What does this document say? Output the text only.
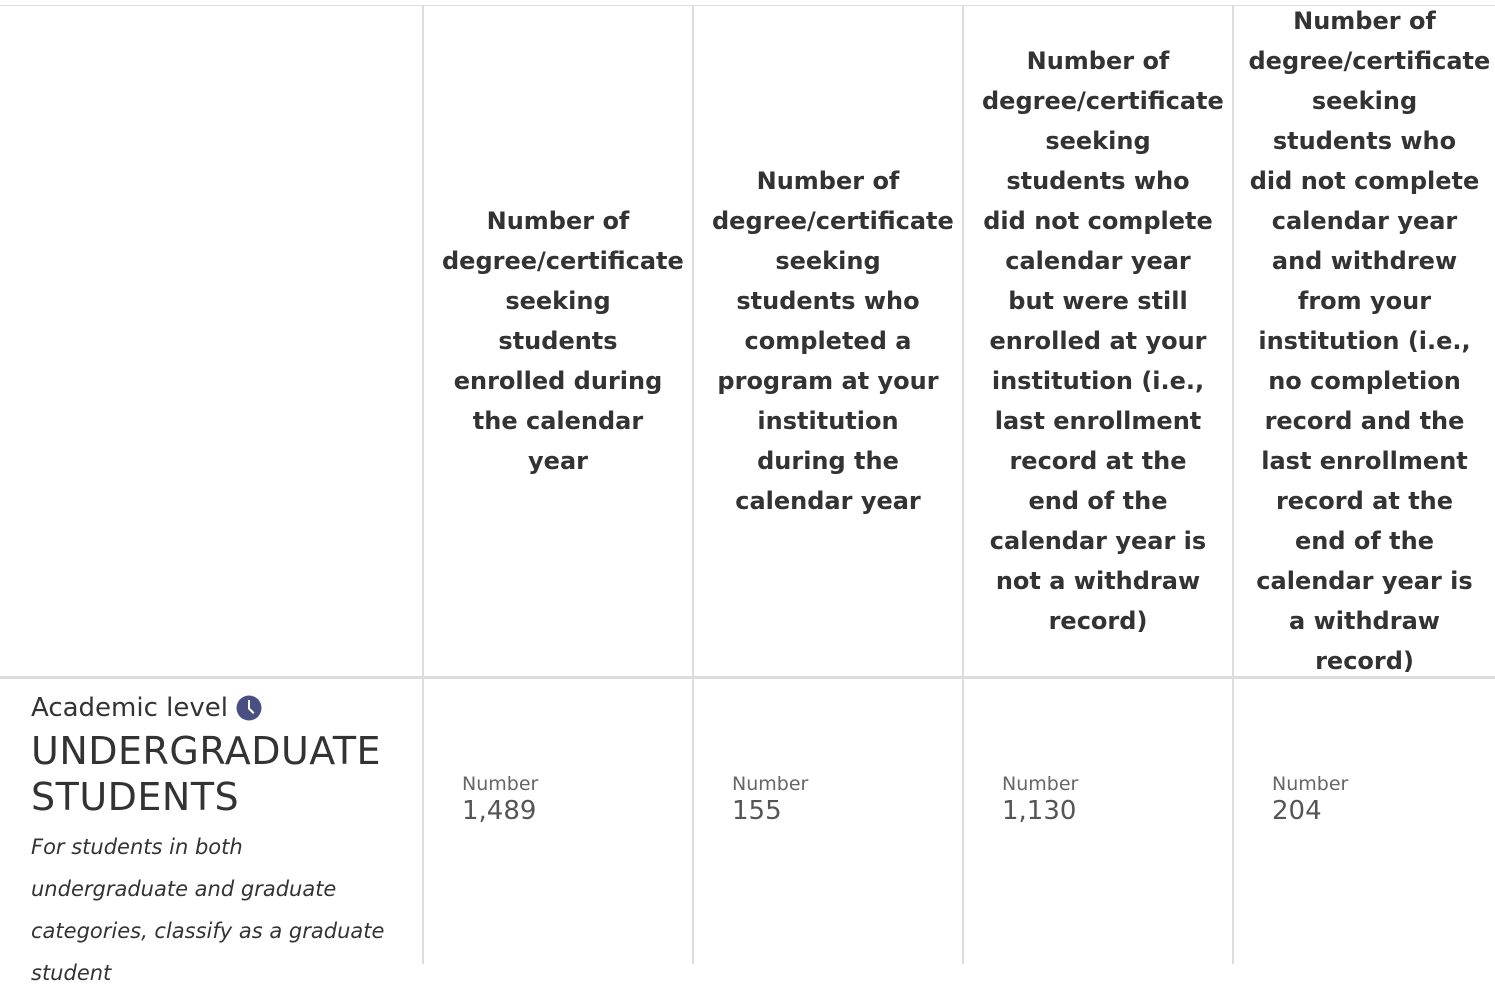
Number of degree/certificate seeking students enrolled during the calendar year
Number of degree/certificate seeking students who completed a program at your institution during the calendar year
Number of degree/certificate seeking students who did not complete calendar year but were still enrolled at your institution (i.e., last enrollment record at the end of the calendar year is not a withdraw record)
Number of degree/certificate seeking students who did not complete calendar year and withdrew from your institution (i.e., no completion record and the last enrollment record at the end of the calendar year is a withdraw record)
Academic level
UNDERGRADUATE STUDENTS
For students in both undergraduate and graduate categories, classify as a graduate student
Number
1,489
Number
155
Number
1,130
Number
204
